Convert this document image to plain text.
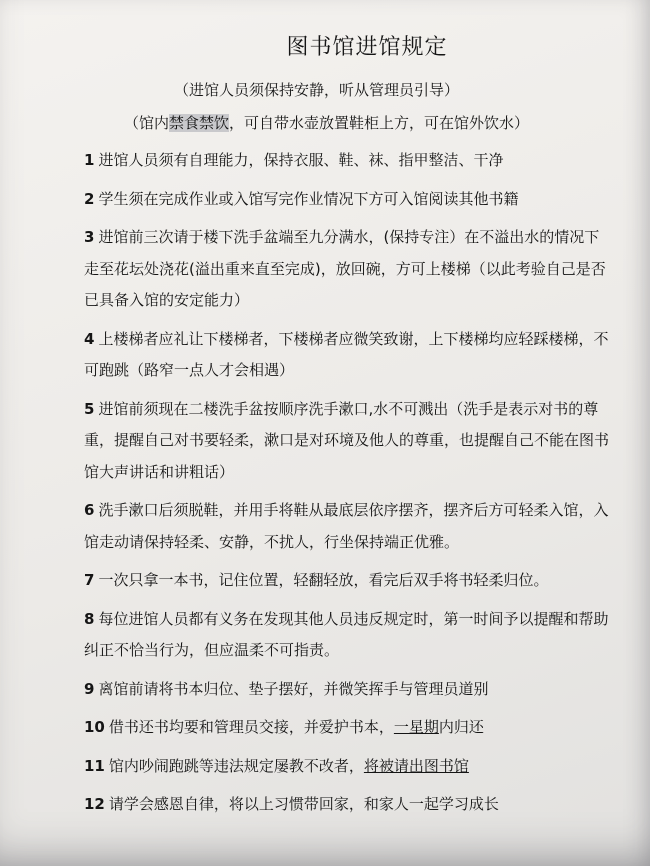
图书馆进馆规定
（进馆人员须保持安静，听从管理员引导）
（馆内禁食禁饮，可自带水壶放置鞋柜上方，可在馆外饮水）
1 进馆人员须有自理能力，保持衣服、鞋、袜、指甲整洁、干净
2 学生须在完成作业或入馆写完作业情况下方可入馆阅读其他书籍
3 进馆前三次请于楼下洗手盆端至九分满水，(保持专注）在不溢出水的情况下走至花坛处浇花(溢出重来直至完成)，放回碗，方可上楼梯（以此考验自己是否已具备入馆的安定能力）
4 上楼梯者应礼让下楼梯者，下楼梯者应微笑致谢，上下楼梯均应轻踩楼梯，不可跑跳（路窄一点人才会相遇）
5 进馆前须现在二楼洗手盆按顺序洗手漱口,水不可溅出（洗手是表示对书的尊重，提醒自己对书要轻柔，漱口是对环境及他人的尊重，也提醒自己不能在图书馆大声讲话和讲粗话）
6 洗手漱口后须脱鞋，并用手将鞋从最底层依序摆齐，摆齐后方可轻柔入馆，入馆走动请保持轻柔、安静，不扰人，行坐保持端正优雅。
7 一次只拿一本书，记住位置，轻翻轻放，看完后双手将书轻柔归位。
8 每位进馆人员都有义务在发现其他人员违反规定时，第一时间予以提醒和帮助纠正不恰当行为，但应温柔不可指责。
9 离馆前请将书本归位、垫子摆好，并微笑挥手与管理员道别
10 借书还书均要和管理员交接，并爱护书本，一星期内归还
11 馆内吵闹跑跳等违法规定屡教不改者，将被请出图书馆
12 请学会感恩自律，将以上习惯带回家，和家人一起学习成长
